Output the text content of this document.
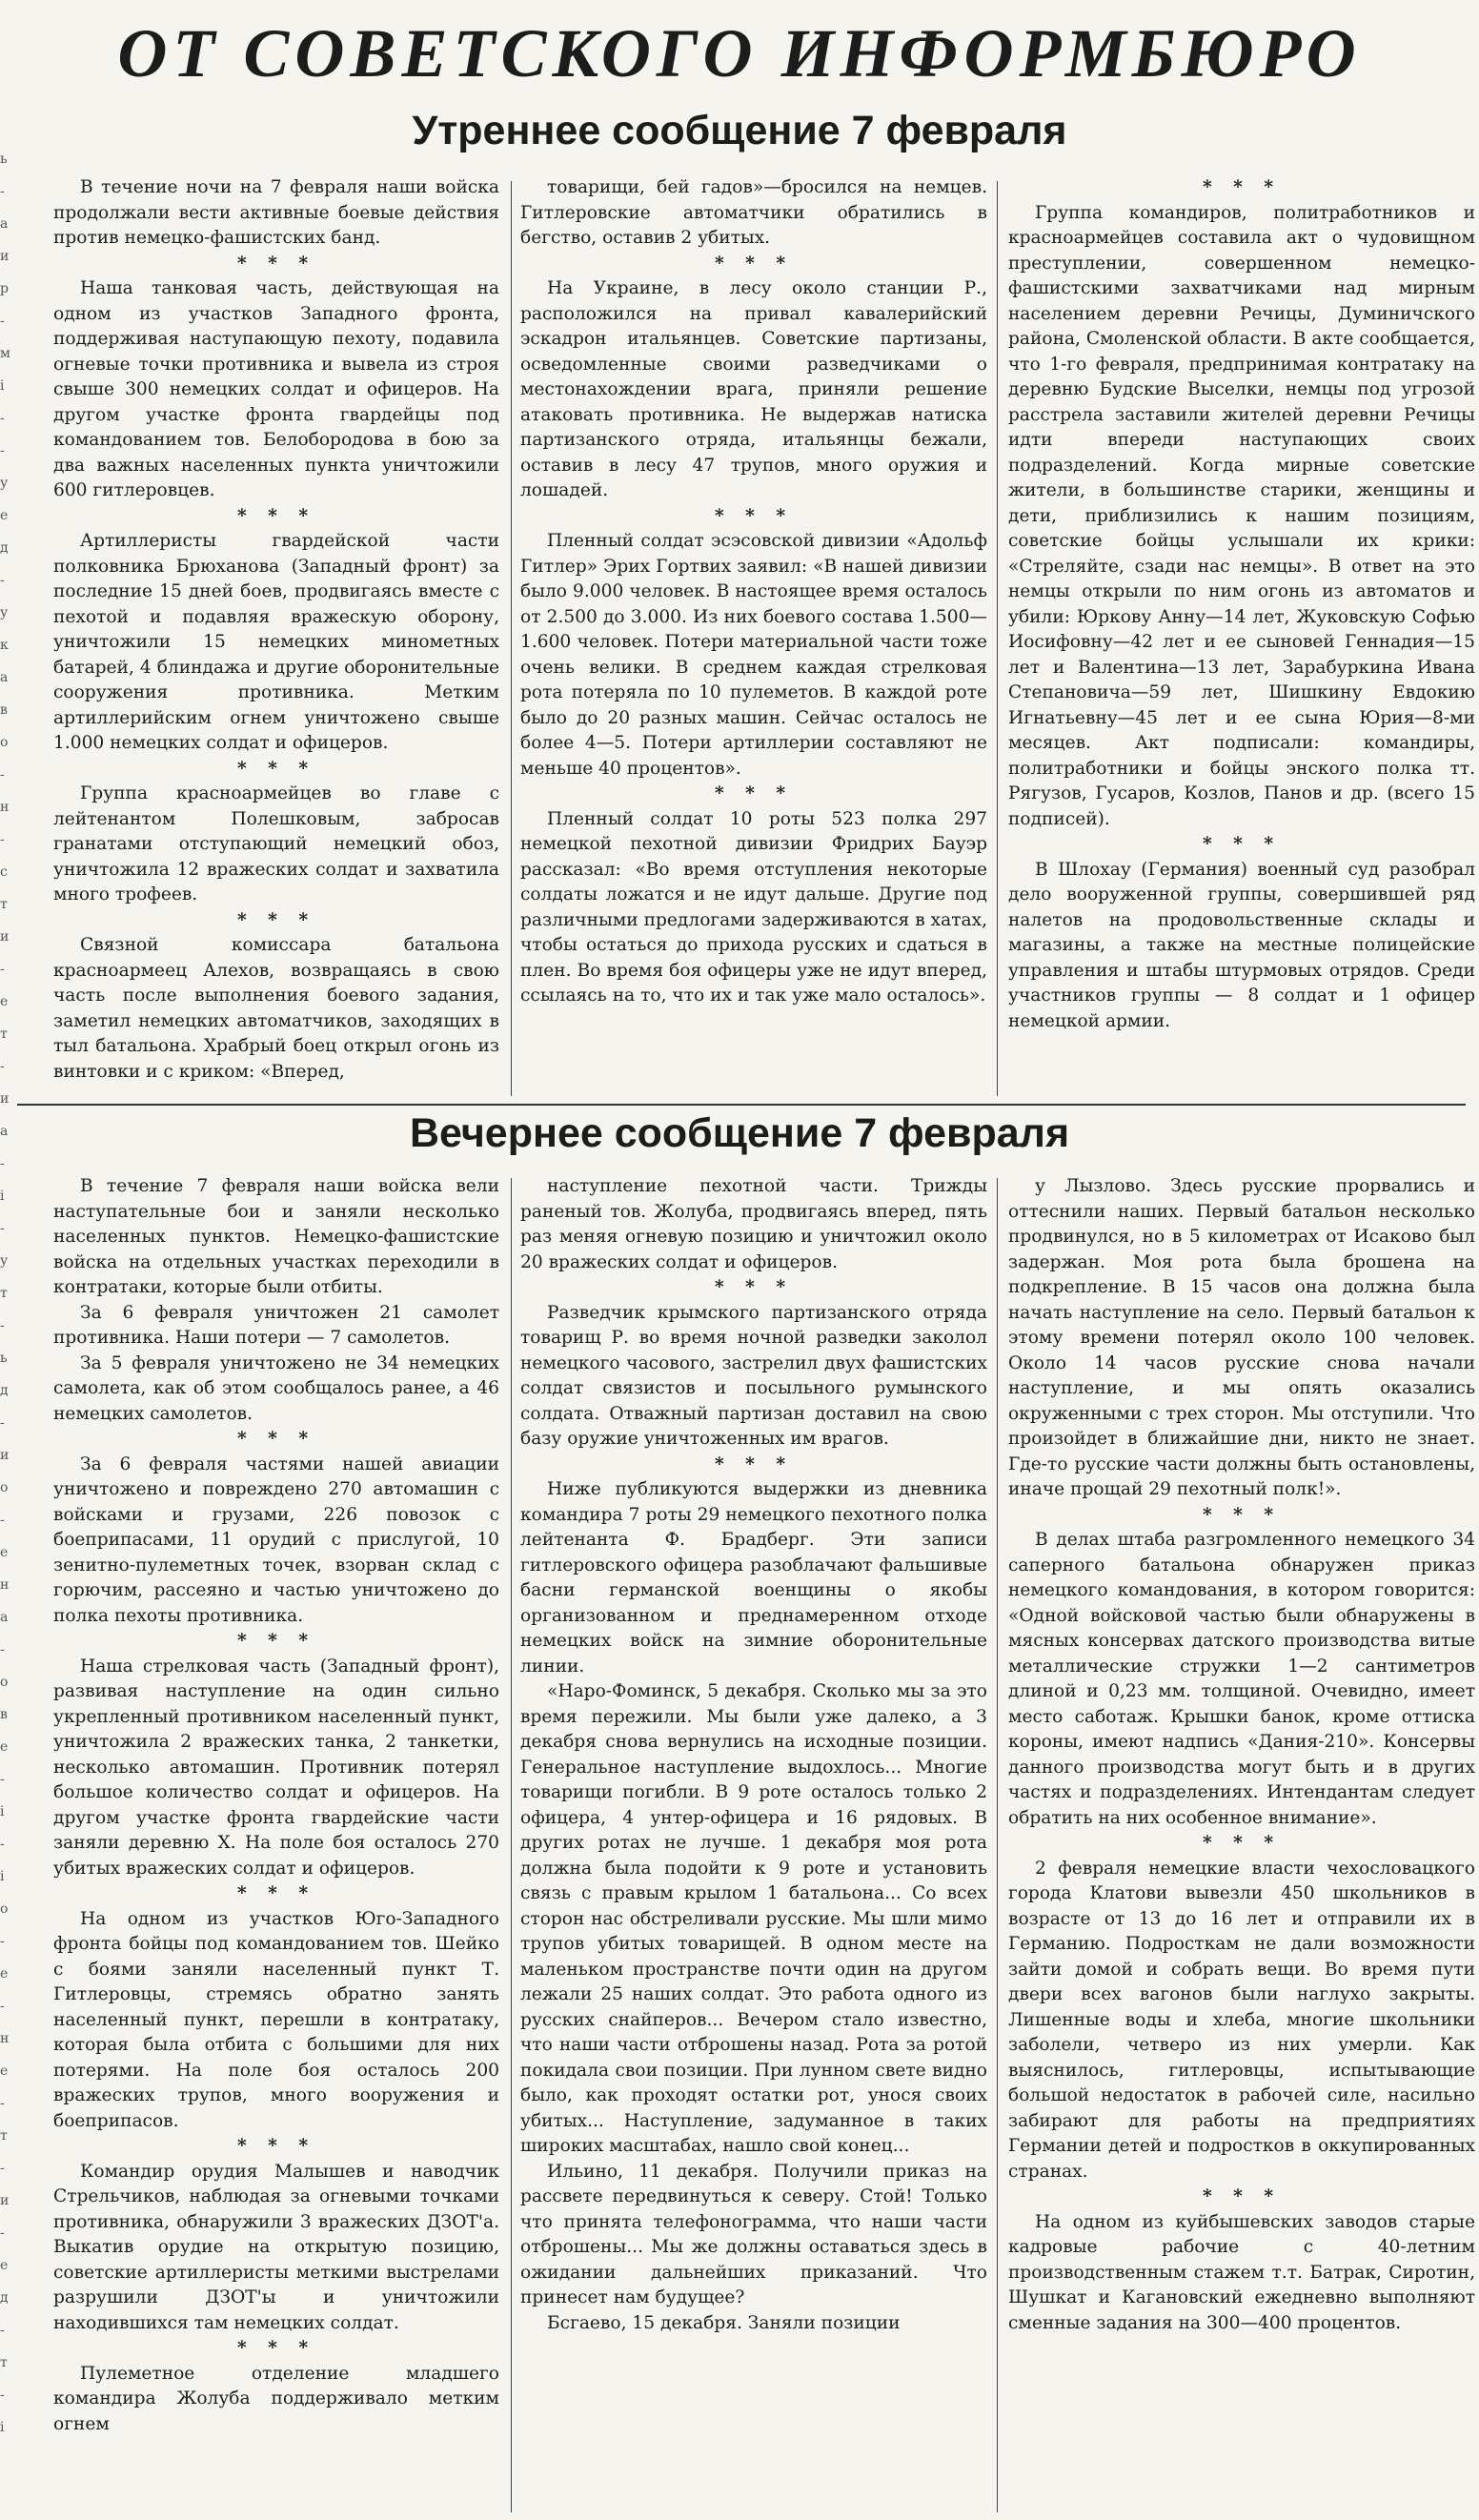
ь
-
а
и
р
-
м
і
-
-
у
е
д
-
у
к
а
в
о
-
н
-
с
т
и
-
е
т
-
и
а
-
і
-
у
т
-
ь
д
-
и
о
-
е
н
а
-
о
в
е
-
і
-
і
о
-
е
-
н
е
-
т
-
и
-
е
д
-
т
-
і
ОТ СОВЕТСКОГО ИНФОРМБЮРО
Утреннее сообщение 7 февраля

В течение ночи на 7 февраля наши войска продолжали вести активные боевые действия против немецко-фашистских банд.

* * *

Наша танковая часть, действующая на одном из участков Западного фронта, поддерживая наступающую пехоту, подавила огневые точки противника и вывела из строя свыше 300 немецких солдат и офицеров. На другом участке фронта гвардейцы под командованием тов. Белобородова в бою за два важных населенных пункта уничтожили 600 гитлеровцев.

* * *

Артиллеристы гвардейской части полковника Брюханова (Западный фронт) за последние 15 дней боев, продвигаясь вместе с пехотой и подавляя вражескую оборону, уничтожили 15 немецких минометных батарей, 4 блиндажа и другие оборонительные сооружения противника. Метким артиллерийским огнем уничтожено свыше 1.000 немецких солдат и офицеров.

* * *

Группа красноармейцев во главе с лейтенантом Полешковым, забросав гранатами отступающий немецкий обоз, уничтожила 12 вражеских солдат и захватила много трофеев.

* * *

Связной комиссара батальона красноармеец Алехов, возвращаясь в свою часть после выполнения боевого задания, заметил немецких автоматчиков, заходящих в тыл батальона. Храбрый боец открыл огонь из винтовки и с криком: «Вперед,

товарищи, бей гадов»—бросился на немцев. Гитлеровские автоматчики обратились в бегство, оставив 2 убитых.

* * *

На Украине, в лесу около станции Р., расположился на привал кавалерийский эскадрон итальянцев. Советские партизаны, осведомленные своими разведчиками о местонахождении врага, приняли решение атаковать противника. Не выдержав натиска партизанского отряда, итальянцы бежали, оставив в лесу 47 трупов, много оружия и лошадей.

* * *

Пленный солдат эсэсовской дивизии «Адольф Гитлер» Эрих Гортвих заявил: «В нашей дивизии было 9.000 человек. В настоящее время осталось от 2.500 до 3.000. Из них боевого состава 1.500—1.600 человек. Потери материальной части тоже очень велики. В среднем каждая стрелковая рота потеряла по 10 пулеметов. В каждой роте было до 20 разных машин. Сейчас осталось не более 4—5. Потери артиллерии составляют не меньше 40 процентов».

* * *

Пленный солдат 10 роты 523 полка 297 немецкой пехотной дивизии Фридрих Бауэр рассказал: «Во время отступления некоторые солдаты ложатся и не идут дальше. Другие под различными предлогами задерживаются в хатах, чтобы остаться до прихода русских и сдаться в плен. Во время боя офицеры уже не идут вперед, ссылаясь на то, что их и так уже мало осталось».

* * *

Группа командиров, политработников и красноармейцев составила акт о чудовищном преступлении, совершенном немецко-фашистскими захватчиками над мирным населением деревни Речицы, Думиничского района, Смоленской области. В акте сообщается, что 1-го февраля, предпринимая контратаку на деревню Будские Выселки, немцы под угрозой расстрела заставили жителей деревни Речицы идти впереди наступающих своих подразделений. Когда мирные советские жители, в большинстве старики, женщины и дети, приблизились к нашим позициям, советские бойцы услышали их крики: «Стреляйте, сзади нас немцы». В ответ на это немцы открыли по ним огонь из автоматов и убили: Юркову Анну—14 лет, Жуковскую Софью Иосифовну—42 лет и ее сыновей Геннадия—15 лет и Валентина—13 лет, Зарабуркина Ивана Степановича—59 лет, Шишкину Евдокию Игнатьевну—45 лет и ее сына Юрия—8-ми месяцев. Акт подписали: командиры, политработники и бойцы энского полка тт. Рягузов, Гусаров, Козлов, Панов и др. (всего 15 подписей).

* * *

В Шлохау (Германия) военный суд разобрал дело вооруженной группы, совершившей ряд налетов на продовольственные склады и магазины, а также на местные полицейские управления и штабы штурмовых отрядов. Среди участников группы — 8 солдат и 1 офицер немецкой армии.

Вечернее сообщение 7 февраля

В течение 7 февраля наши войска вели наступательные бои и заняли несколько населенных пунктов. Немецко-фашистские войска на отдельных участках переходили в контратаки, которые были отбиты.

За 6 февраля уничтожен 21 самолет противника. Наши потери — 7 самолетов.

За 5 февраля уничтожено не 34 немецких самолета, как об этом сообщалось ранее, а 46 немецких самолетов.

* * *

За 6 февраля частями нашей авиации уничтожено и повреждено 270 автомашин с войсками и грузами, 226 повозок с боеприпасами, 11 орудий с прислугой, 10 зенитно-пулеметных точек, взорван склад с горючим, рассеяно и частью уничтожено до полка пехоты противника.

* * *

Наша стрелковая часть (Западный фронт), развивая наступление на один сильно укрепленный противником населенный пункт, уничтожила 2 вражеских танка, 2 танкетки, несколько автомашин. Противник потерял большое количество солдат и офицеров. На другом участке фронта гвардейские части заняли деревню Х. На поле боя осталось 270 убитых вражеских солдат и офицеров.

* * *

На одном из участков Юго-Западного фронта бойцы под командованием тов. Шейко с боями заняли населенный пункт Т. Гитлеровцы, стремясь обратно занять населенный пункт, перешли в контратаку, которая была отбита с большими для них потерями. На поле боя осталось 200 вражеских трупов, много вооружения и боеприпасов.

* * *

Командир орудия Малышев и наводчик Стрельчиков, наблюдая за огневыми точками противника, обнаружили 3 вражеских ДЗОТ'а. Выкатив орудие на открытую позицию, советские артиллеристы меткими выстрелами разрушили ДЗОТ'ы и уничтожили находившихся там немецких солдат.

* * *

Пулеметное отделение младшего командира Жолуба поддерживало метким огнем

наступление пехотной части. Трижды раненый тов. Жолуба, продвигаясь вперед, пять раз меняя огневую позицию и уничтожил около 20 вражеских солдат и офицеров.

* * *

Разведчик крымского партизанского отряда товарищ Р. во время ночной разведки заколол немецкого часового, застрелил двух фашистских солдат связистов и посыльного румынского солдата. Отважный партизан доставил на свою базу оружие уничтоженных им врагов.

* * *

Ниже публикуются выдержки из дневника командира 7 роты 29 немецкого пехотного полка лейтенанта Ф. Брадберг. Эти записи гитлеровского офицера разоблачают фальшивые басни германской военщины о якобы организованном и преднамеренном отходе немецких войск на зимние оборонительные линии.

«Наро-Фоминск, 5 декабря. Сколько мы за это время пережили. Мы были уже далеко, а 3 декабря снова вернулись на исходные позиции. Генеральное наступление выдохлось... Многие товарищи погибли. В 9 роте осталось только 2 офицера, 4 унтер-офицера и 16 рядовых. В других ротах не лучше. 1 декабря моя рота должна была подойти к 9 роте и установить связь с правым крылом 1 батальона... Со всех сторон нас обстреливали русские. Мы шли мимо трупов убитых товарищей. В одном месте на маленьком пространстве почти один на другом лежали 25 наших солдат. Это работа одного из русских снайперов... Вечером стало известно, что наши части отброшены назад. Рота за ротой покидала свои позиции. При лунном свете видно было, как проходят остатки рот, унося своих убитых... Наступление, задуманное в таких широких масштабах, нашло свой конец...

Ильино, 11 декабря. Получили приказ на рассвете передвинуться к северу. Стой! Только что принята телефонограмма, что наши части отброшены... Мы же должны оставаться здесь в ожидании дальнейших приказаний. Что принесет нам будущее?

Бсгаево, 15 декабря. Заняли позиции

у Лызлово. Здесь русские прорвались и оттеснили наших. Первый батальон несколько продвинулся, но в 5 километрах от Исаково был задержан. Моя рота была брошена на подкрепление. В 15 часов она должна была начать наступление на село. Первый батальон к этому времени потерял около 100 человек. Около 14 часов русские снова начали наступление, и мы опять оказались окруженными с трех сторон. Мы отступили. Что произойдет в ближайшие дни, никто не знает. Где-то русские части должны быть остановлены, иначе прощай 29 пехотный полк!».

* * *

В делах штаба разгромленного немецкого 34 саперного батальона обнаружен приказ немецкого командования, в котором говорится: «Одной войсковой частью были обнаружены в мясных консервах датского производства витые металлические стружки 1—2 сантиметров длиной и 0,23 мм. толщиной. Очевидно, имеет место саботаж. Крышки банок, кроме оттиска короны, имеют надпись «Дания-210». Консервы данного производства могут быть и в других частях и подразделениях. Интендантам следует обратить на них особенное внимание».

* * *

2 февраля немецкие власти чехословацкого города Клатови вывезли 450 школьников в возрасте от 13 до 16 лет и отправили их в Германию. Подросткам не дали возможности зайти домой и собрать вещи. Во время пути двери всех вагонов были наглухо закрыты. Лишенные воды и хлеба, многие школьники заболели, четверо из них умерли. Как выяснилось, гитлеровцы, испытывающие большой недостаток в рабочей силе, насильно забирают для работы на предприятиях Германии детей и подростков в оккупированных странах.

* * *

На одном из куйбышевских заводов старые кадровые рабочие с 40-летним производственным стажем т.т. Батрак, Сиротин, Шушкат и Кагановский ежедневно выполняют сменные задания на 300—400 процентов.
